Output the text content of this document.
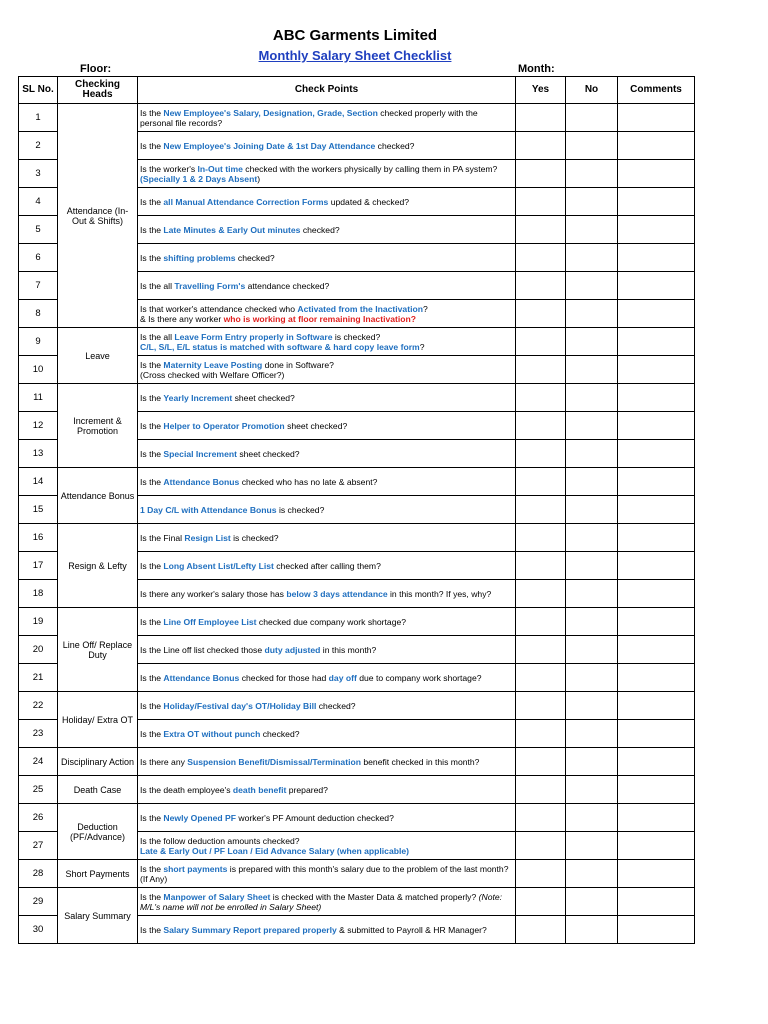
ABC Garments Limited
Monthly Salary Sheet Checklist
Floor:	Month:
SL No.	Checking Heads	Check Points	Yes	No	Comments
1	Attendance (In-Out & Shifts)	Is the New Employee's Salary, Designation, Grade, Section checked properly with the personal file records?			
2		Is the New Employee's Joining Date & 1st Day Attendance checked?			
3		Is the worker's In-Out time checked with the workers physically by calling them in PA system? (Specially 1 & 2 Days Absent)			
4		Is the all Manual Attendance Correction Forms updated & checked?			
5		Is the Late Minutes & Early Out minutes checked?			
6		Is the shifting problems checked?			
7		Is the all Travelling Form's attendance checked?			
8		Is that worker's attendance checked who Activated from the Inactivation?
& Is there any worker who is working at floor remaining Inactivation?			
9	Leave	Is the all Leave Form Entry properly in Software is checked?
C/L, S/L, E/L status is matched with software & hard copy leave form?			
10		Is the Maternity Leave Posting done in Software?
(Cross checked with Welfare Officer?)			
11	Increment & Promotion	Is the Yearly Increment sheet checked?			
12		Is the Helper to Operator Promotion sheet checked?			
13		Is the Special Increment sheet checked?			
14	Attendance Bonus	Is the Attendance Bonus checked who has no late & absent?			
15		1 Day C/L with Attendance Bonus is checked?			
16	Resign & Lefty	Is the Final Resign List is checked?			
17		Is the Long Absent List/Lefty List checked after calling them?			
18		Is there any worker's salary those has below 3 days attendance in this month? If yes, why?			
19	Line Off/ Replace Duty	Is the Line Off Employee List checked due company work shortage?			
20		Is the Line off list checked those duty adjusted in this month?			
21		Is the Attendance Bonus checked for those had day off due to company work shortage?			
22	Holiday/ Extra OT	Is the Holiday/Festival day's OT/Holiday Bill checked?			
23		Is the Extra OT without punch checked?			
24	Disciplinary Action	Is there any Suspension Benefit/Dismissal/Termination benefit checked in this month?			
25	Death Case	Is the death employee's death benefit prepared?			
26	Deduction (PF/Advance)	Is the Newly Opened PF worker's PF Amount deduction checked?			
27		Is the follow deduction amounts checked?
Late & Early Out / PF Loan / Eid Advance Salary (when applicable)			
28	Short Payments	Is the short payments is prepared with this month's salary due to the problem of the last month? (If Any)			
29	Salary Summary	Is the Manpower of Salary Sheet is checked with the Master Data & matched properly? (Note: M/L's name will not be enrolled in Salary Sheet)			
30		Is the Salary Summary Report prepared properly & submitted to Payroll & HR Manager?			
